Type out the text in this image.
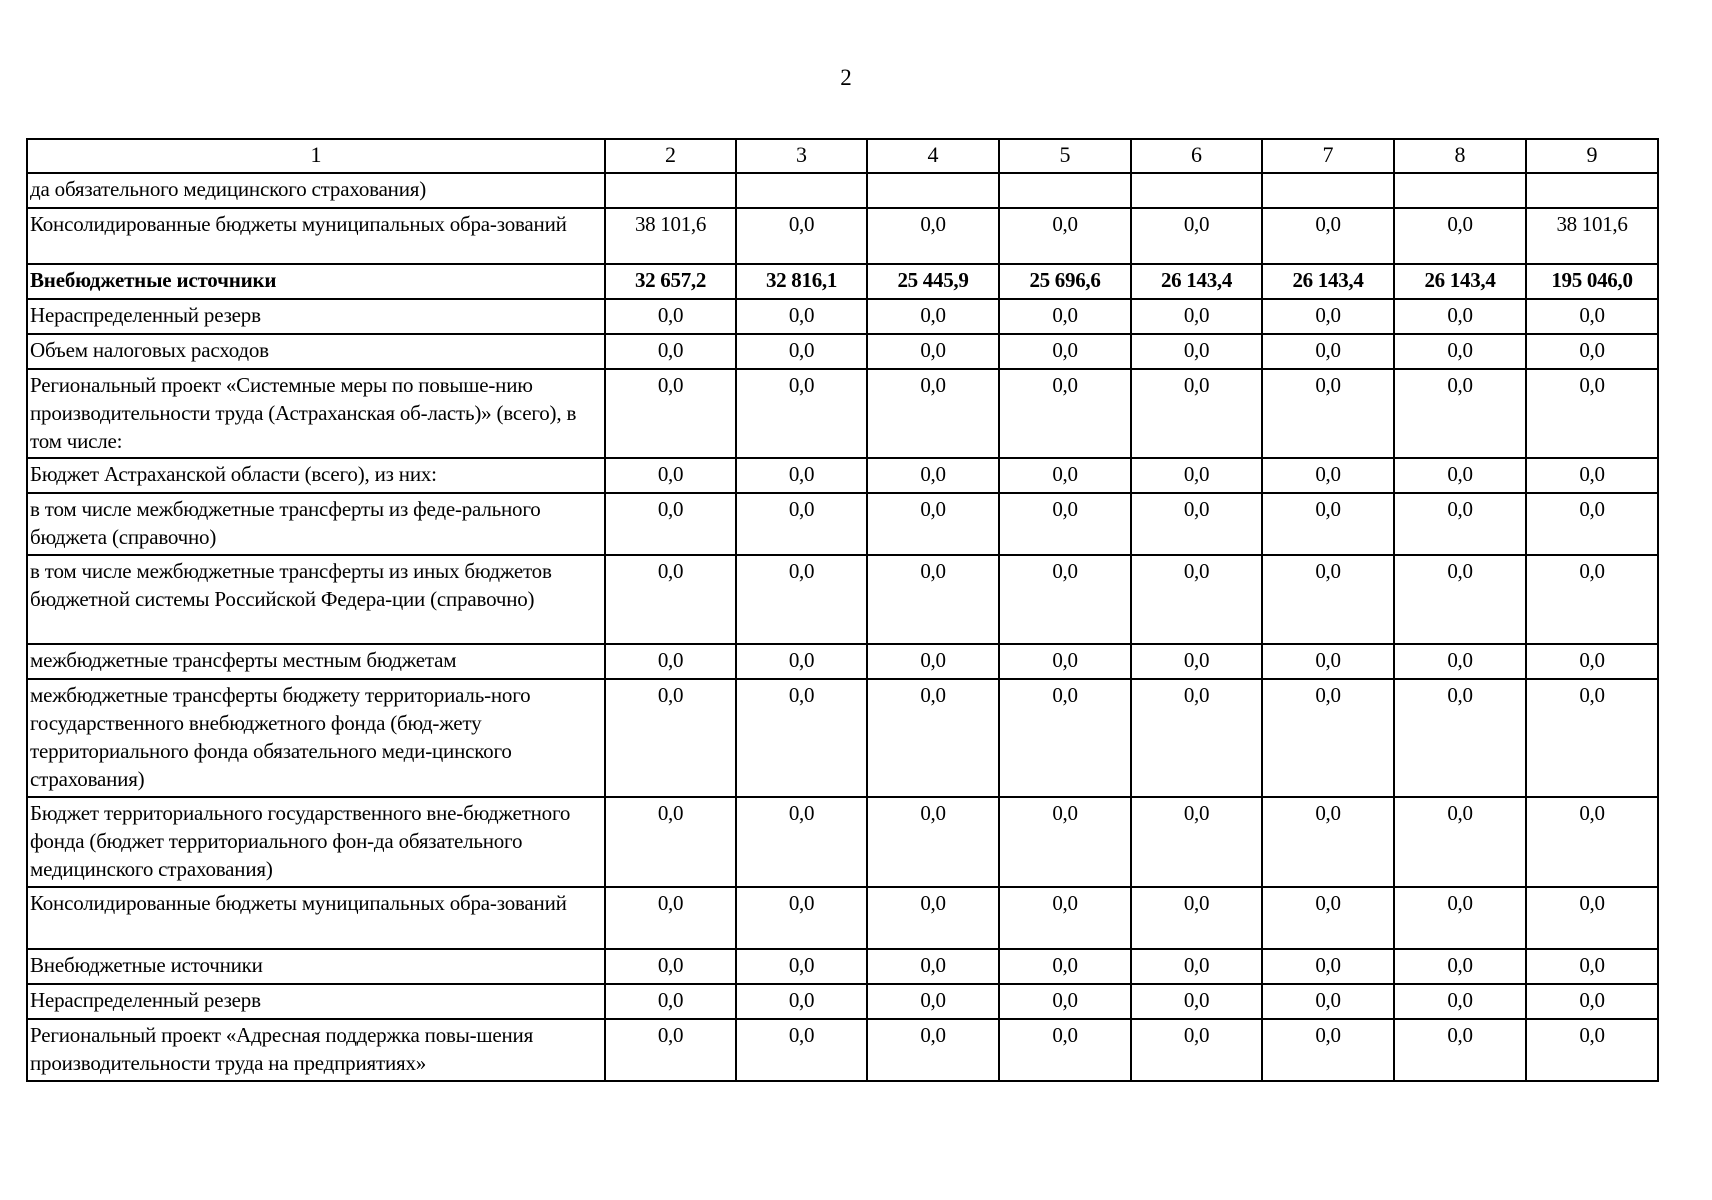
2
1	2	3	4	5	6	7	8	9
да обязательного медицинского страхования)								
Консолидированные бюджеты муниципальных обра-зований	38 101,6	0,0	0,0	0,0	0,0	0,0	0,0	38 101,6
Внебюджетные источники	32 657,2	32 816,1	25 445,9	25 696,6	26 143,4	26 143,4	26 143,4	195 046,0
Нераспределенный резерв	0,0	0,0	0,0	0,0	0,0	0,0	0,0	0,0
Объем налоговых расходов	0,0	0,0	0,0	0,0	0,0	0,0	0,0	0,0
Региональный проект «Системные меры по повыше-нию производительности труда (Астраханская об-ласть)» (всего), в том числе:	0,0	0,0	0,0	0,0	0,0	0,0	0,0	0,0
Бюджет Астраханской области (всего), из них:	0,0	0,0	0,0	0,0	0,0	0,0	0,0	0,0
в том числе межбюджетные трансферты из феде-рального бюджета (справочно)	0,0	0,0	0,0	0,0	0,0	0,0	0,0	0,0
в том числе межбюджетные трансферты из иных бюджетов бюджетной системы Российской Федера-ции (справочно)	0,0	0,0	0,0	0,0	0,0	0,0	0,0	0,0
межбюджетные трансферты местным бюджетам	0,0	0,0	0,0	0,0	0,0	0,0	0,0	0,0
межбюджетные трансферты бюджету территориаль-ного государственного внебюджетного фонда (бюд-жету территориального фонда обязательного меди-цинского страхования)	0,0	0,0	0,0	0,0	0,0	0,0	0,0	0,0
Бюджет территориального государственного вне-бюджетного фонда (бюджет территориального фон-да обязательного медицинского страхования)	0,0	0,0	0,0	0,0	0,0	0,0	0,0	0,0
Консолидированные бюджеты муниципальных обра-зований	0,0	0,0	0,0	0,0	0,0	0,0	0,0	0,0
Внебюджетные источники	0,0	0,0	0,0	0,0	0,0	0,0	0,0	0,0
Нераспределенный резерв	0,0	0,0	0,0	0,0	0,0	0,0	0,0	0,0
Региональный проект «Адресная поддержка повы-шения производительности труда на предприятиях»	0,0	0,0	0,0	0,0	0,0	0,0	0,0	0,0
